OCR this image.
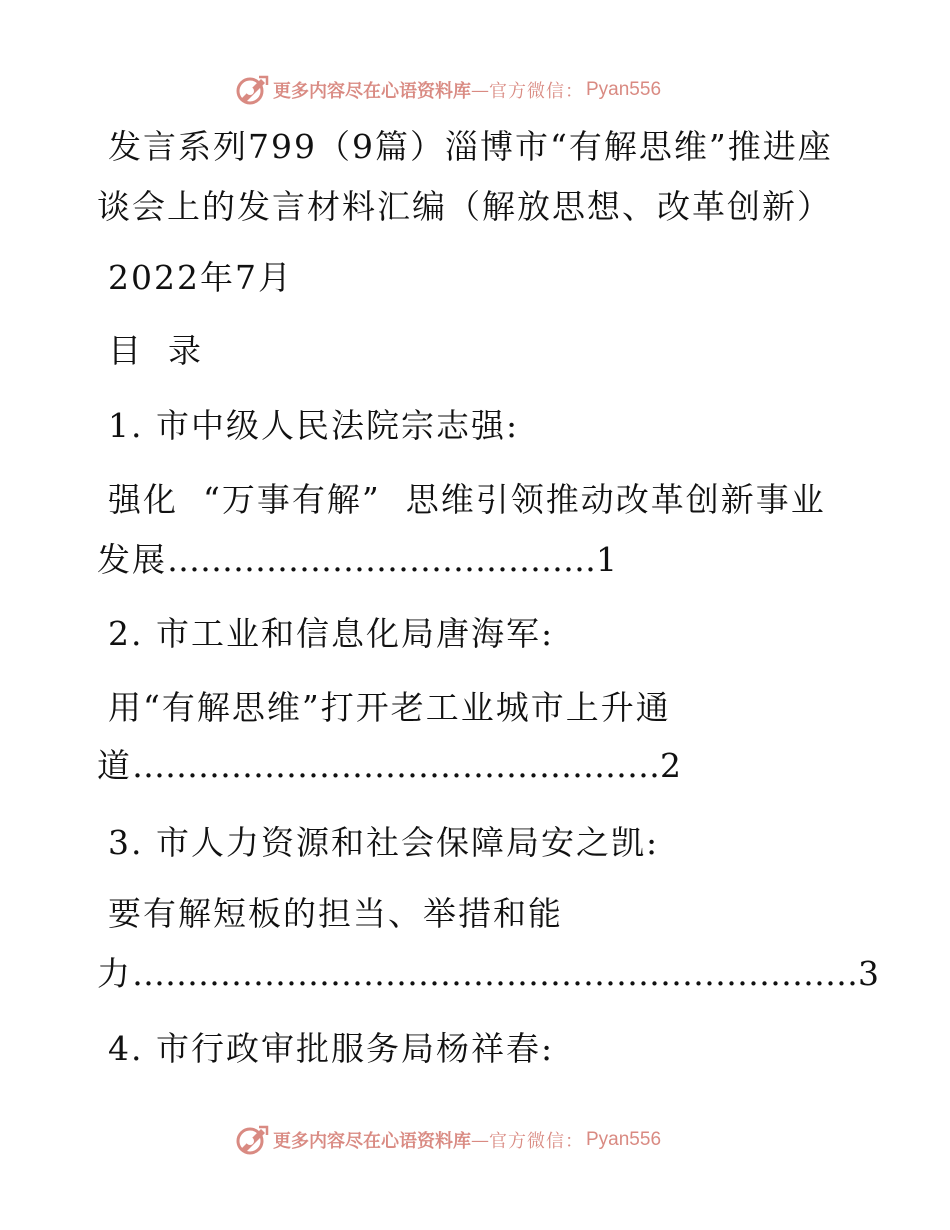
更多内容尽在心语资料库 — 官方微信： Pyan556
发言系列799（9篇）淄博市“有解思维”推进座
谈会上的发言材料汇编（解放思想、改革创新）
2022年7月
目  录
1. 市中级人民法院宗志强:
强化  “万事有解”  思维引领推动改革创新事业
发展…………………………………1
2. 市工业和信息化局唐海军:
用“有解思维”打开老工业城市上升通
道…………………………………………2
3. 市人力资源和社会保障局安之凯:
要有解短板的担当、举措和能
力…………………………………………………………3
4. 市行政审批服务局杨祥春:
更多内容尽在心语资料库 — 官方微信： Pyan556
